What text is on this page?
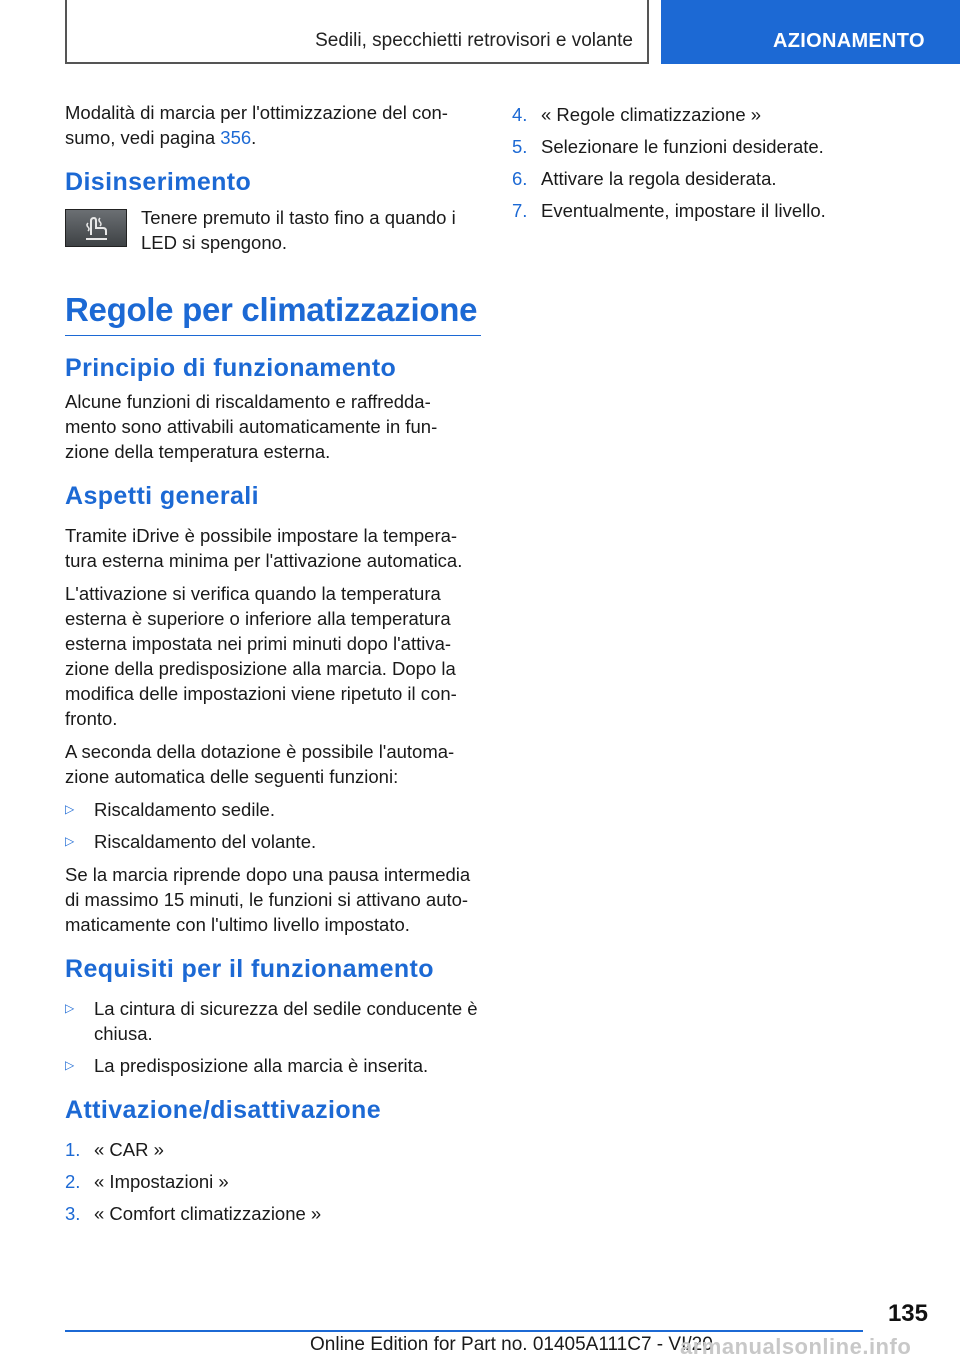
Sedili, specchietti retrovisori e volante	AZIONAMENTO

Modalità di marcia per l'ottimizzazione del con-sumo, vedi pagina 356.

Disinserimento

Tenere premuto il tasto fino a quando i LED si spengono.

Regole per climatizzazione
Principio di funzionamento

Alcune funzioni di riscaldamento e raffredda-mento sono attivabili automaticamente in fun-zione della temperatura esterna.

Aspetti generali

Tramite iDrive è possibile impostare la tempera-tura esterna minima per l'attivazione automatica.

L'attivazione si verifica quando la temperatura esterna è superiore o inferiore alla temperatura esterna impostata nei primi minuti dopo l'attiva-zione della predisposizione alla marcia. Dopo la modifica delle impostazioni viene ripetuto il con-fronto.

A seconda della dotazione è possibile l'automa-zione automatica delle seguenti funzioni:

▷	Riscaldamento sedile.
▷	Riscaldamento del volante.

Se la marcia riprende dopo una pausa intermedia di massimo 15 minuti, le funzioni si attivano auto-maticamente con l'ultimo livello impostato.

Requisiti per il funzionamento
▷	La cintura di sicurezza del sedile conducente è chiusa.
▷	La predisposizione alla marcia è inserita.
Attivazione/disattivazione
1. « CAR »
2. « Impostazioni »
3. « Comfort climatizzazione »
4. « Regole climatizzazione »
5. Selezionare le funzioni desiderate.
6. Attivare la regola desiderata.
7. Eventualmente, impostare il livello.
135
Online Edition for Part no. 01405A111C7 - VI/20
armanualsonline.info
